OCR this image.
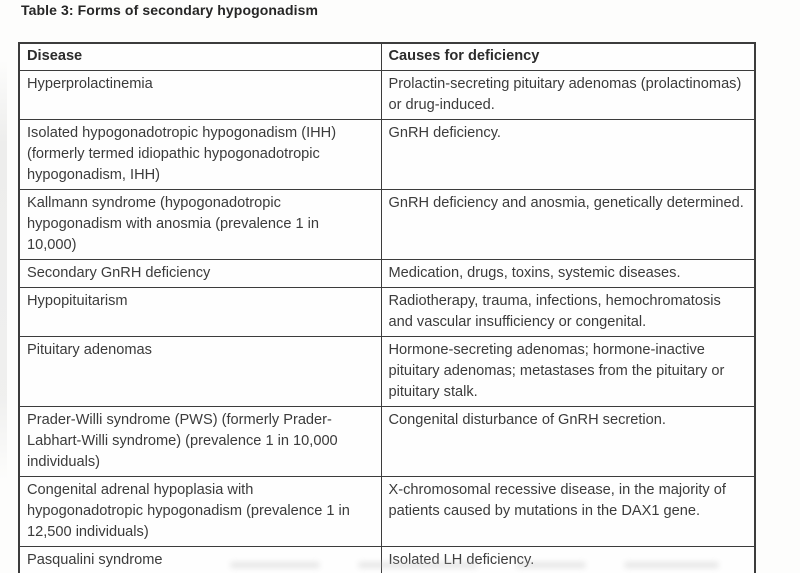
Table 3: Forms of secondary hypogonadism
Disease	Causes for deficiency
Hyperprolactinemia	Prolactin-secreting pituitary adenomas (prolactinomas) or drug-induced.
Isolated hypogonadotropic hypogonadism (IHH) (formerly termed idiopathic hypogonadotropic hypogonadism, IHH)	GnRH deficiency.
Kallmann syndrome (hypogonadotropic hypogonadism with anosmia (prevalence 1 in 10,000)	GnRH deficiency and anosmia, genetically determined.
Secondary GnRH deficiency	Medication, drugs, toxins, systemic diseases.
Hypopituitarism	Radiotherapy, trauma, infections, hemochromatosis and vascular insufficiency or congenital.
Pituitary adenomas	Hormone-secreting adenomas; hormone-inactive pituitary adenomas; metastases from the pituitary or pituitary stalk.
Prader-Willi syndrome (PWS) (formerly Prader-Labhart-Willi syndrome) (prevalence 1 in 10,000 individuals)	Congenital disturbance of GnRH secretion.
Congenital adrenal hypoplasia with hypogonadotropic hypogonadism (prevalence 1 in 12,500 individuals)	X-chromosomal recessive disease, in the majority of patients caused by mutations in the DAX1 gene.
Pasqualini syndrome	Isolated LH deficiency.
